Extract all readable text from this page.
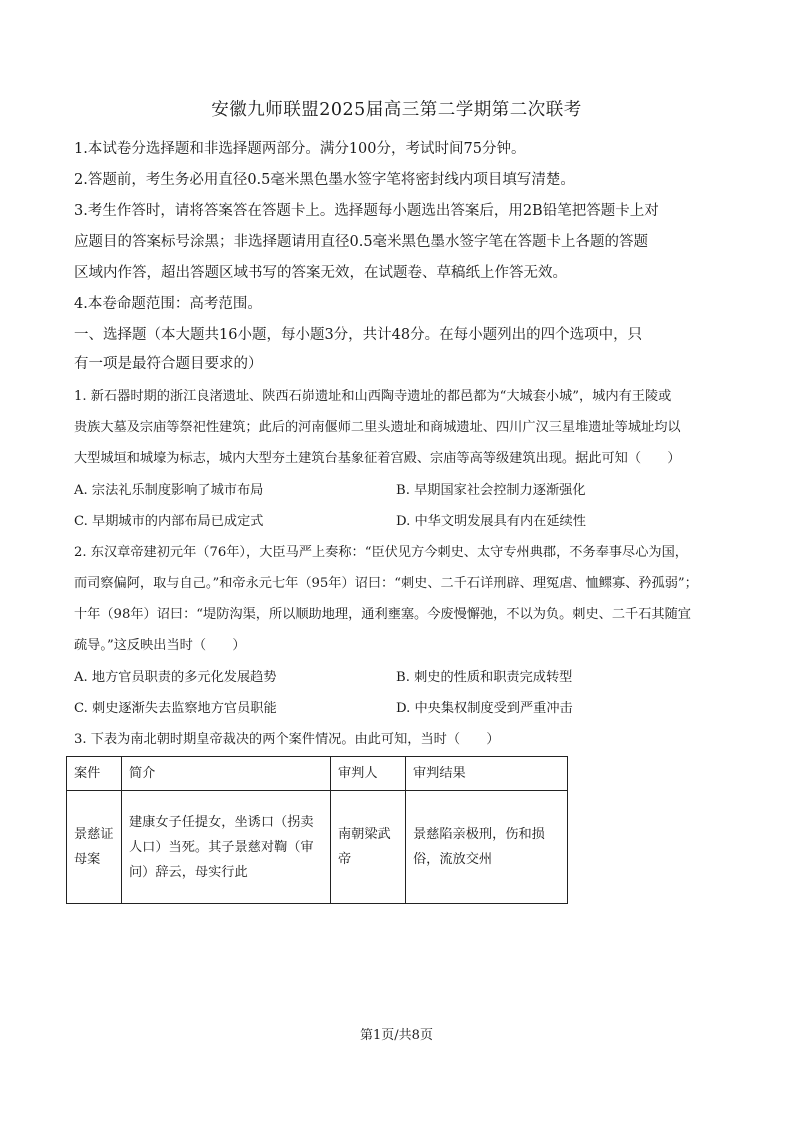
安徽九师联盟2025届高三第二学期第二次联考
1.本试卷分选择题和非选择题两部分。满分100分，考试时间75分钟。
2.答题前，考生务必用直径0.5毫米黑色墨水签字笔将密封线内项目填写清楚。
3.考生作答时，请将答案答在答题卡上。选择题每小题选出答案后，用2B铅笔把答题卡上对
应题目的答案标号涂黑；非选择题请用直径0.5毫米黑色墨水签字笔在答题卡上各题的答题
区域内作答，超出答题区域书写的答案无效，在试题卷、草稿纸上作答无效。
4.本卷命题范围：高考范围。
一、选择题（本大题共16小题，每小题3分，共计48分。在每小题列出的四个选项中，只
有一项是最符合题目要求的）
1. 新石器时期的浙江良渚遗址、陕西石峁遗址和山西陶寺遗址的都邑都为“大城套小城”，城内有王陵或
贵族大墓及宗庙等祭祀性建筑；此后的河南偃师二里头遗址和商城遗址、四川广汉三星堆遗址等城址均以
大型城垣和城壕为标志，城内大型夯土建筑台基象征着宫殿、宗庙等高等级建筑出现。据此可知（　　）
A. 宗法礼乐制度影响了城市布局	B. 早期国家社会控制力逐渐强化
C. 早期城市的内部布局已成定式	D. 中华文明发展具有内在延续性
2. 东汉章帝建初元年（76年），大臣马严上奏称：“臣伏见方今刺史、太守专州典郡，不务奉事尽心为国，
而司察偏阿，取与自己。”和帝永元七年（95年）诏曰：“刺史、二千石详刑辟、理冤虐、恤鳏寡、矜孤弱”；
十年（98年）诏曰：“堤防沟渠，所以顺助地理，通利壅塞。今废慢懈弛，不以为负。刺史、二千石其随宜
疏导。”这反映出当时（　　）
A. 地方官员职责的多元化发展趋势	B. 刺史的性质和职责完成转型
C. 刺史逐渐失去监察地方官员职能	D. 中央集权制度受到严重冲击
3. 下表为南北朝时期皇帝裁决的两个案件情况。由此可知，当时（　　）
案件	简介	审判人	审判结果
景慈证母案	建康女子任提女，坐诱口（拐卖人口）当死。其子景慈对鞫（审问）辞云，母实行此	南朝梁武帝	景慈陷亲极刑，伤和损俗，流放交州
第1页/共8页
